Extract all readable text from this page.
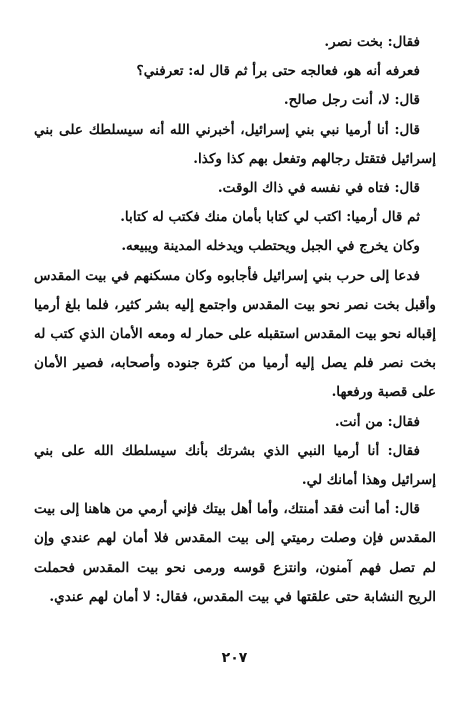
فقال: بخت نصر.

فعرفه أنه هو، فعالجه حتى برأ ثم قال له: تعرفني؟

قال: لا، أنت رجل صالح.

قال: أنا أرميا نبي بني إسرائيل، أخبرني الله أنه سيسلطك على بني إسرائيل فتقتل رجالهم وتفعل بهم كذا وكذا.

قال: فتاه في نفسه في ذاك الوقت.

ثم قال أرميا: اكتب لي كتابا بأمان منك فكتب له كتابا.

وكان يخرج في الجبل ويحتطب ويدخله المدينة ويبيعه.

فدعا إلى حرب بني إسرائيل فأجابوه وكان مسكنهم في بيت المقدس وأقبل بخت نصر نحو بيت المقدس واجتمع إليه بشر كثير، فلما بلغ أرميا إقباله نحو بيت المقدس استقبله على حمار له ومعه الأمان الذي كتب له بخت نصر فلم يصل إليه أرميا من كثرة جنوده وأصحابه، فصير الأمان على قصبة ورفعها.

فقال: من أنت.

فقال: أنا أرميا النبي الذي بشرتك بأنك سيسلطك الله على بني إسرائيل وهذا أمانك لي.

قال: أما أنت فقد أمنتك، وأما أهل بيتك فإني أرمي من هاهنا إلى بيت المقدس فإن وصلت رميتي إلى بيت المقدس فلا أمان لهم عندي وإن لم تصل فهم آمنون، وانتزع قوسه ورمى نحو بيت المقدس فحملت الريح النشابة حتى علقتها في بيت المقدس، فقال: لا أمان لهم عندي.

٢٠٧
